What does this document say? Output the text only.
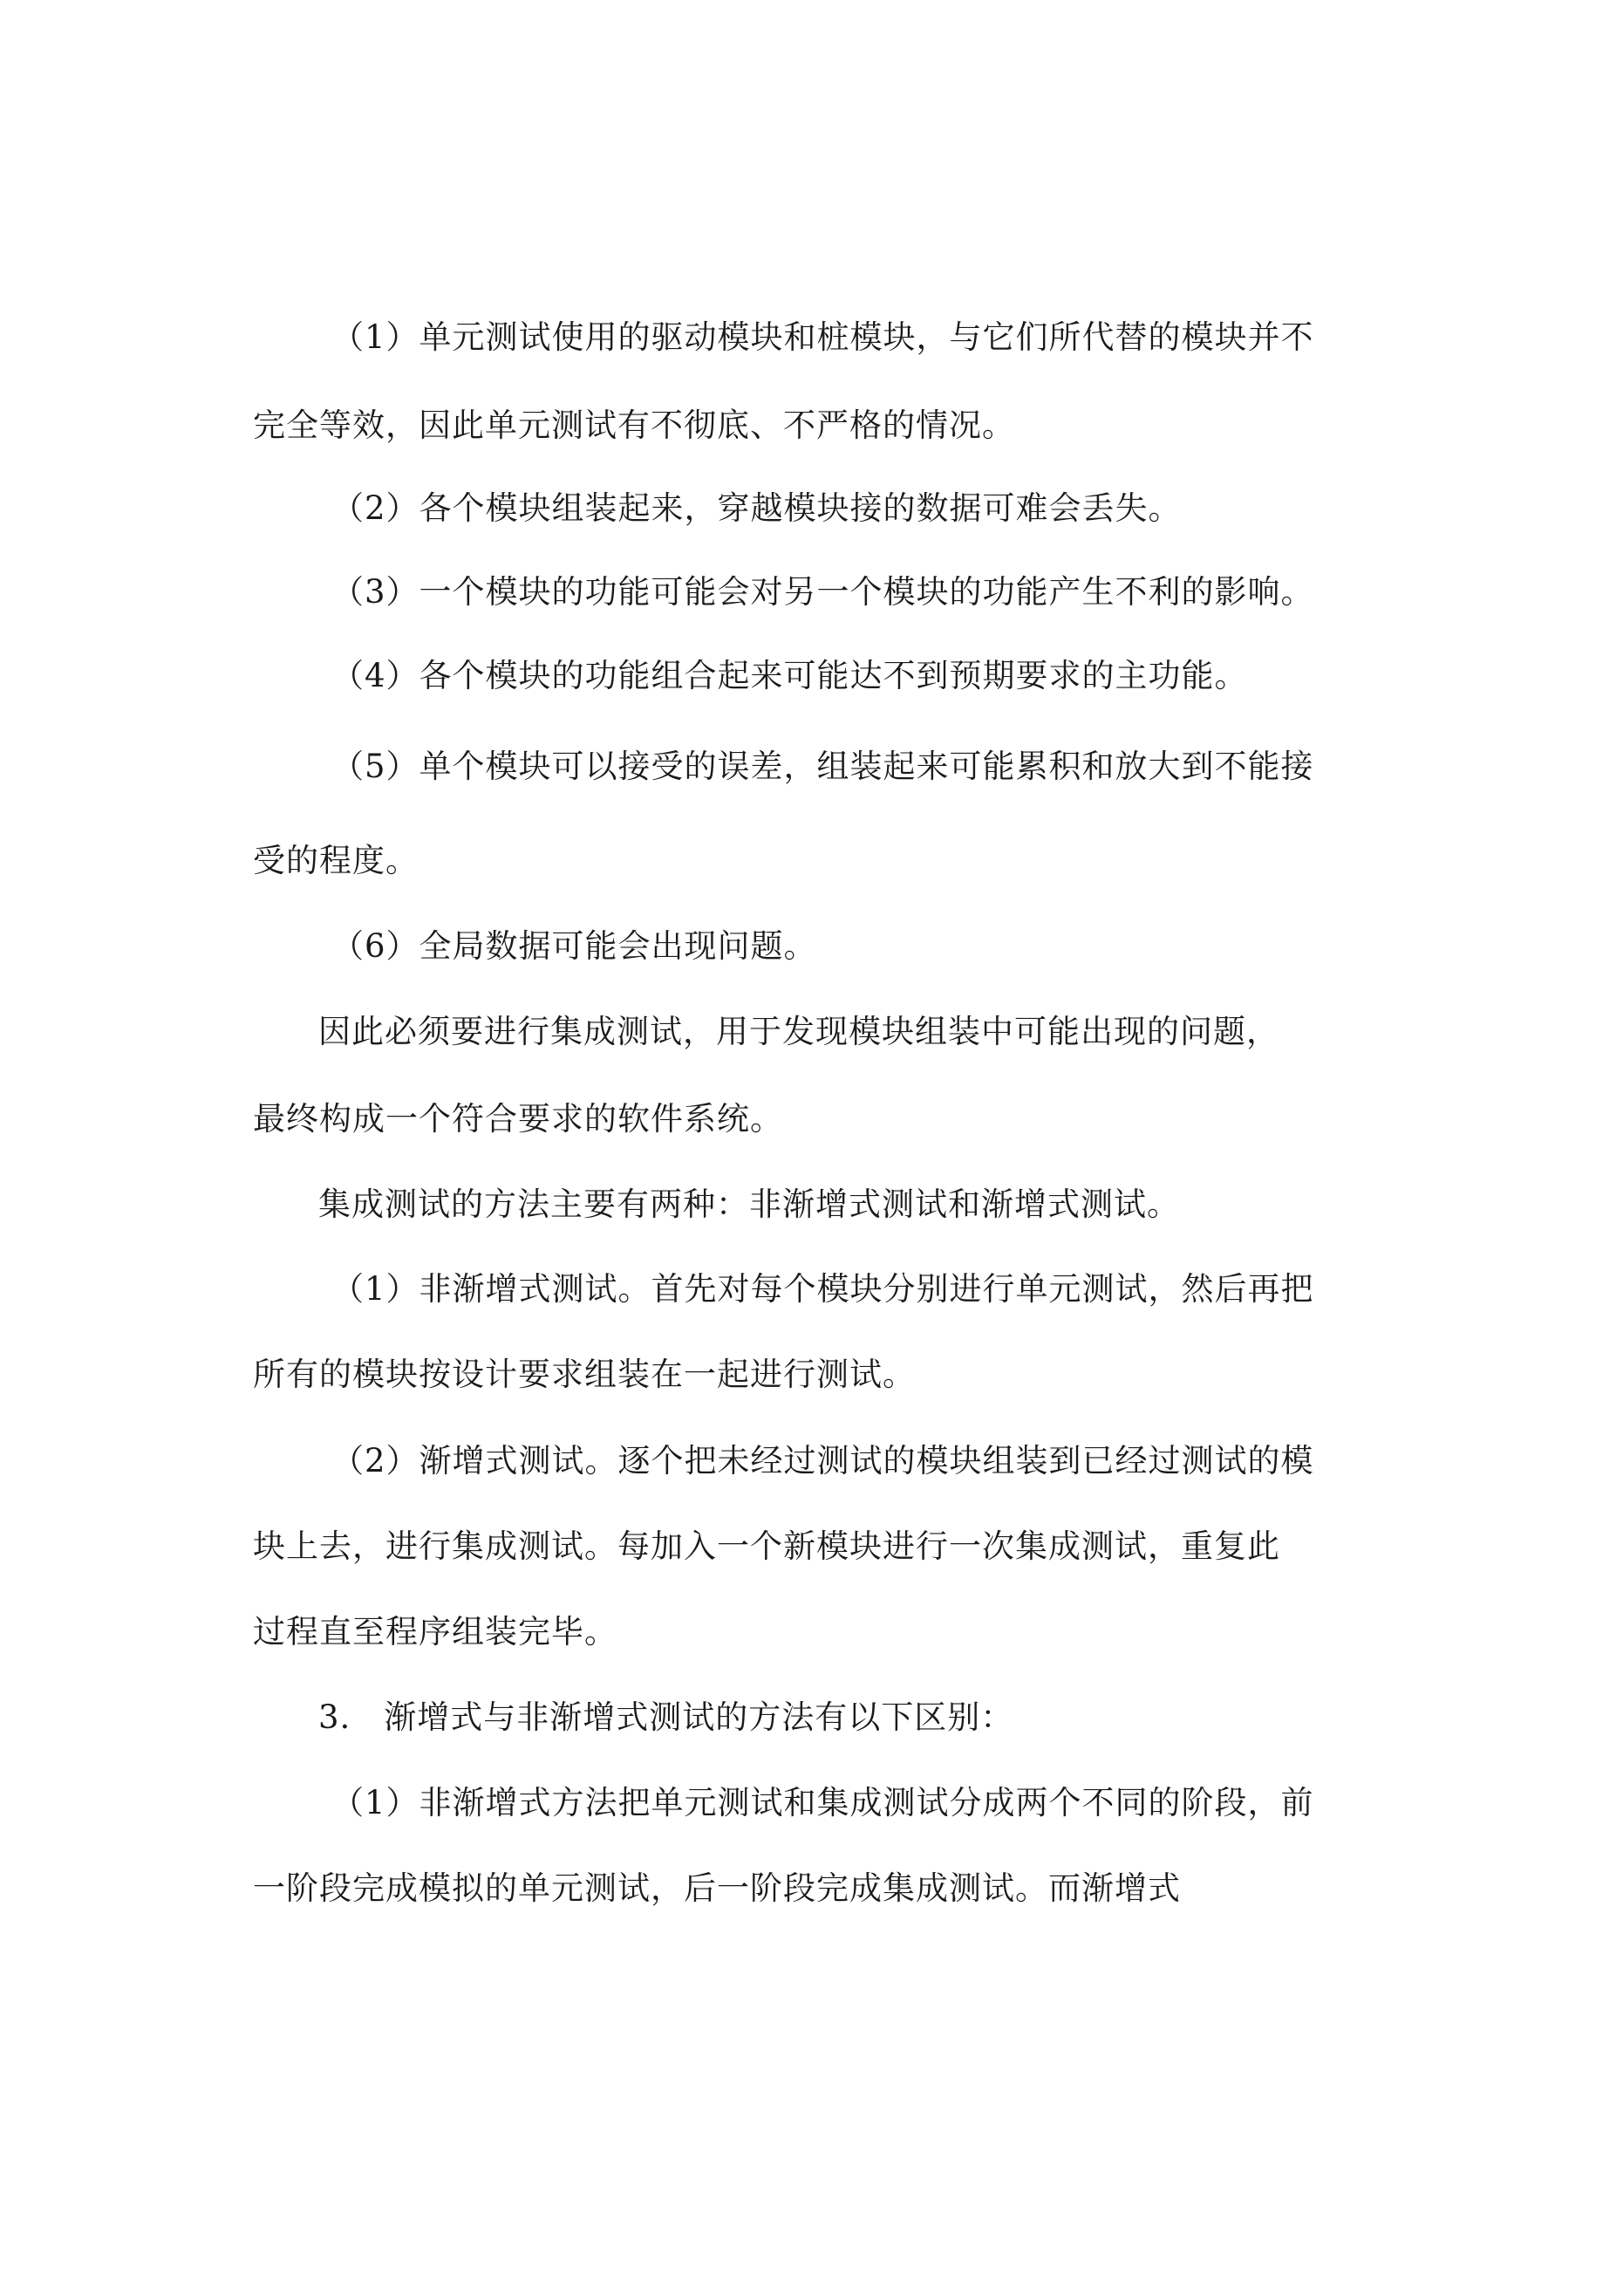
（1）单元测试使用的驱动模块和桩模块，与它们所代替的模块并不
完全等效，因此单元测试有不彻底、不严格的情况。
（2）各个模块组装起来，穿越模块接的数据可难会丢失。
（3）一个模块的功能可能会对另一个模块的功能产生不利的影响。
（4）各个模块的功能组合起来可能达不到预期要求的主功能。
（5）单个模块可以接受的误差，组装起来可能累积和放大到不能接
受的程度。
（6）全局数据可能会出现问题。
因此必须要进行集成测试，用于发现模块组装中可能出现的问题，
最终构成一个符合要求的软件系统。
集成测试的方法主要有两种：非渐增式测试和渐增式测试。
（1）非渐增式测试。首先对每个模块分别进行单元测试，然后再把
所有的模块按设计要求组装在一起进行测试。
（2）渐增式测试。逐个把未经过测试的模块组装到已经过测试的模
块上去，进行集成测试。每加入一个新模块进行一次集成测试，重复此
过程直至程序组装完毕。
3.　渐增式与非渐增式测试的方法有以下区别：
（1）非渐增式方法把单元测试和集成测试分成两个不同的阶段，前
一阶段完成模拟的单元测试，后一阶段完成集成测试。而渐增式
